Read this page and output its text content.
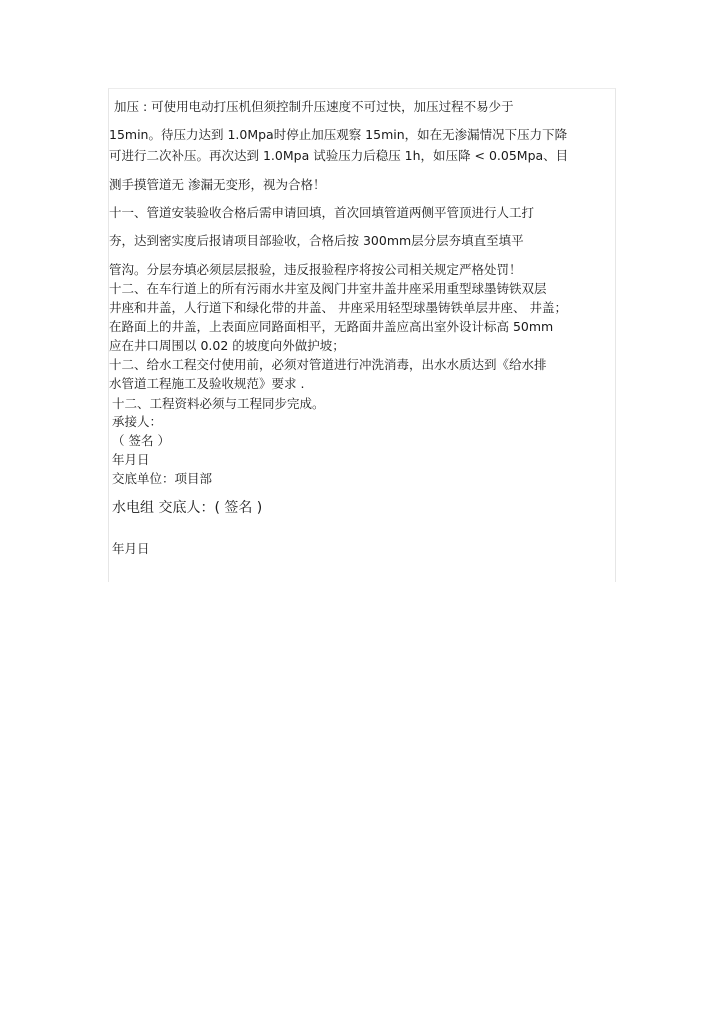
加压 : 可使用电动打压机但须控制升压速度不可过快，加压过程不易少于
15min。待压力达到 1.0Mpa时停止加压观察 15min，如在无渗漏情况下压力下降
可进行二次补压。再次达到 1.0Mpa 试验压力后稳压 1h，如压降 < 0.05Mpa、目
测手摸管道无 渗漏无变形，视为合格！
十一、管道安装验收合格后需申请回填，首次回填管道两侧平管顶进行人工打
夯，达到密实度后报请项目部验收，合格后按 300mm层分层夯填直至填平
管沟。分层夯填必须层层报验，违反报验程序将按公司相关规定严格处罚！
十二、在车行道上的所有污雨水井室及阀门井室井盖井座采用重型球墨铸铁双层
井座和井盖，人行道下和绿化带的井盖、 井座采用轻型球墨铸铁单层井座、 井盖；
在路面上的井盖，上表面应同路面相平，无路面井盖应高出室外设计标高 50mm
应在井口周围以 0.02 的坡度向外做护坡；
十二、给水工程交付使用前，必须对管道进行冲洗消毒，出水水质达到《给水排
水管道工程施工及验收规范》要求 .
十二、工程资料必须与工程同步完成。
承接人：
（ 签名 ）
年月日
交底单位：项目部
水电组 交底人：( 签名 )
年月日
